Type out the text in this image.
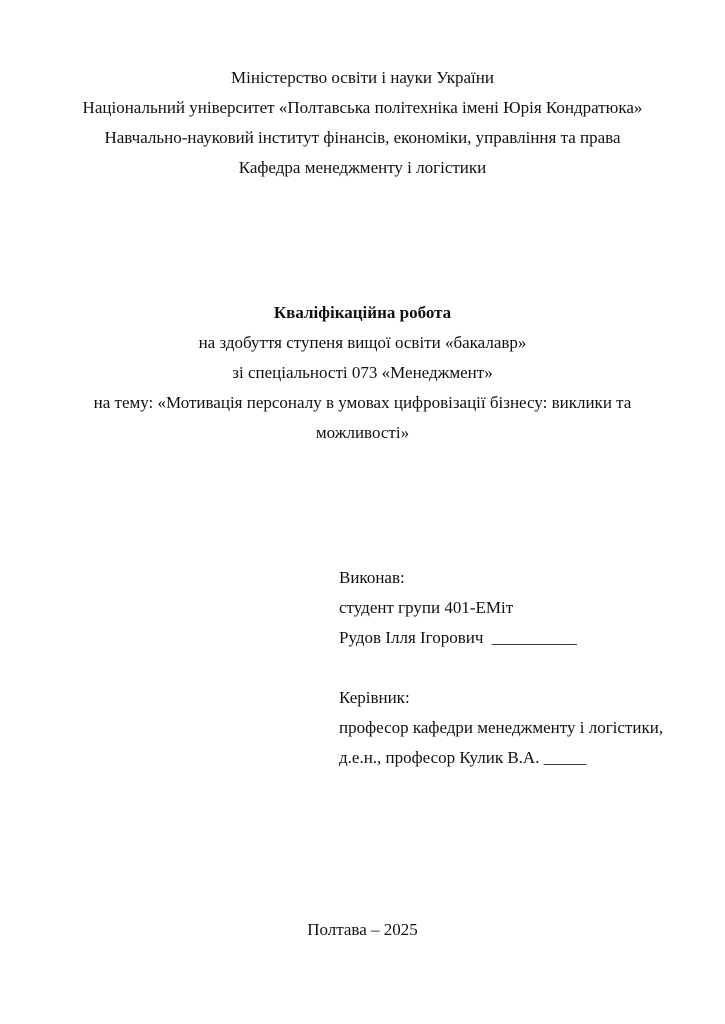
Міністерство освіти і науки України
Національний університет «Полтавська політехніка імені Юрія Кондратюка»
Навчально-науковий інститут фінансів, економіки, управління та права
Кафедра менеджменту і логістики
Кваліфікаційна робота
на здобуття ступеня вищої освіти «бакалавр»
зі спеціальності 073 «Менеджмент»
на тему: «Мотивація персоналу в умовах цифровізації бізнесу: виклики та
можливості»
Виконав:
студент групи 401-ЕМіт
Рудов Ілля Ігорович __________
Керівник:
професор кафедри менеджменту і логістики,
д.е.н., професор Кулик В.А. _____
Полтава – 2025
